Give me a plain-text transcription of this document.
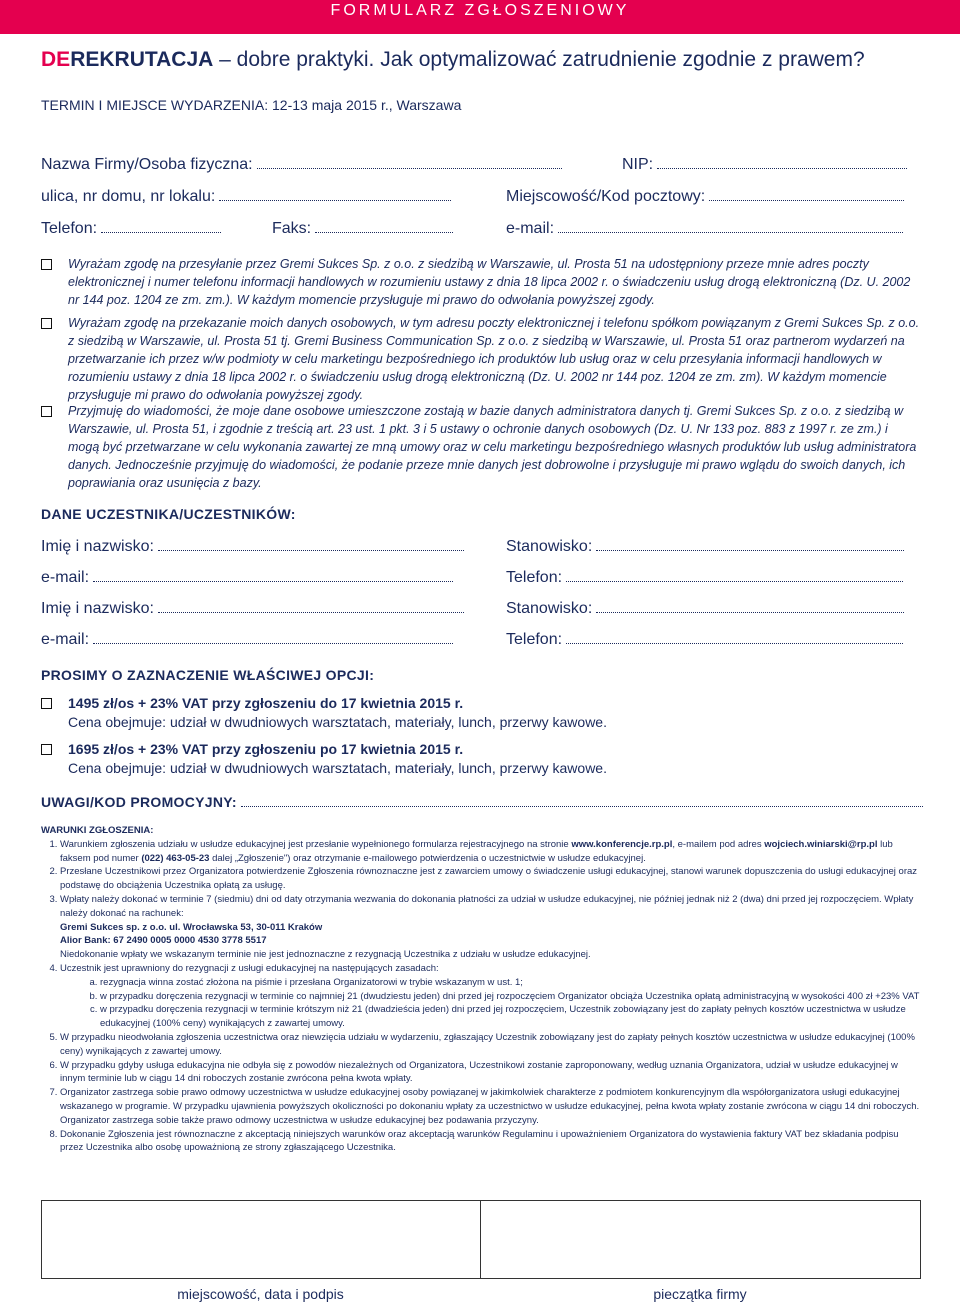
FORMULARZ ZGŁOSZENIOWY
DEREKRUTACJA – dobre praktyki. Jak optymalizować zatrudnienie zgodnie z prawem?
TERMIN I MIEJSCE WYDARZENIA: 12-13 maja 2015 r., Warszawa
Nazwa Firmy/Osoba fizyczna:	NIP:
ulica, nr domu, nr lokalu:	Miejscowość/Kod pocztowy:
Telefon:	Faks:	e-mail:
Wyrażam zgodę na przesyłanie przez Gremi Sukces Sp. z o.o. z siedzibą w Warszawie, ul. Prosta 51 na udostępniony przeze mnie adres poczty elektronicznej i numer telefonu informacji handlowych w rozumieniu ustawy z dnia 18 lipca 2002 r. o świadczeniu usług drogą elektroniczną (Dz. U. 2002 nr 144 poz. 1204 ze zm. zm.). W każdym momencie przysługuje mi prawo do odwołania powyższej zgody.
Wyrażam zgodę na przekazanie moich danych osobowych, w tym adresu poczty elektronicznej i telefonu spółkom powiązanym z Gremi Sukces Sp. z o.o. z siedzibą w Warszawie, ul. Prosta 51 tj. Gremi Business Communication Sp. z o.o. z siedzibą w Warszawie, ul. Prosta 51 oraz partnerom wydarzeń na przetwarzanie ich przez w/w podmioty w celu marketingu bezpośredniego ich produktów lub usług oraz w celu przesyłania informacji handlowych w rozumieniu ustawy z dnia 18 lipca 2002 r. o świadczeniu usług drogą elektroniczną (Dz. U. 2002 nr 144 poz. 1204 ze zm. zm). W każdym momencie przysługuje mi prawo do odwołania powyższej zgody.
Przyjmuję do wiadomości, że moje dane osobowe umieszczone zostają w bazie danych administratora danych tj. Gremi Sukces Sp. z o.o. z siedzibą w Warszawie, ul. Prosta 51, i zgodnie z treścią art. 23 ust. 1 pkt. 3 i 5 ustawy o ochronie danych osobowych (Dz. U. Nr 133 poz. 883 z 1997 r. ze zm.) i mogą być przetwarzane w celu wykonania zawartej ze mną umowy oraz w celu marketingu bezpośredniego własnych produktów lub usług administratora danych. Jednocześnie przyjmuję do wiadomości, że podanie przeze mnie danych jest dobrowolne i przysługuje mi prawo wglądu do swoich danych, ich poprawiania oraz usunięcia z bazy.
DANE UCZESTNIKA/UCZESTNIKÓW:
Imię i nazwisko:	Stanowisko:
e-mail:	Telefon:
Imię i nazwisko:	Stanowisko:
e-mail:	Telefon:
PROSIMY O ZAZNACZENIE WŁAŚCIWEJ OPCJI:
1495 zł/os + 23% VAT przy zgłoszeniu do 17 kwietnia 2015 r.
Cena obejmuje: udział w dwudniowych warsztatach, materiały, lunch, przerwy kawowe.
1695 zł/os + 23% VAT przy zgłoszeniu po 17 kwietnia 2015 r.
Cena obejmuje: udział w dwudniowych warsztatach, materiały, lunch, przerwy kawowe.
UWAGI/KOD PROMOCYJNY:
WARUNKI ZGŁOSZENIA:
1. Warunkiem zgłoszenia udziału w usłudze edukacyjnej jest przesłanie wypełnionego formularza rejestracyjnego na stronie www.konferencje.rp.pl, e-mailem pod adres wojciech.winiarski@rp.pl lub faksem pod numer (022) 463-05-23 dalej „Zgłoszenie") oraz otrzymanie e-mailowego potwierdzenia o uczestnictwie w usłudze edukacyjnej.
2. Przesłane Uczestnikowi przez Organizatora potwierdzenie Zgłoszenia równoznaczne jest z zawarciem umowy o świadczenie usługi edukacyjnej, stanowi warunek dopuszczenia do usługi edukacyjnej oraz podstawę do obciążenia Uczestnika opłatą za usługę.
3. Wpłaty należy dokonać w terminie 7 (siedmiu) dni od daty otrzymania wezwania do dokonania płatności za udział w usłudze edukacyjnej, nie później jednak niż 2 (dwa) dni przed jej rozpoczęciem. Wpłaty należy dokonać na rachunek:
Gremi Sukces sp. z o.o. ul. Wrocławska 53, 30-011 Kraków
Alior Bank: 67 2490 0005 0000 4530 3778 5517
Niedokonanie wpłaty we wskazanym terminie nie jest jednoznaczne z rezygnacją Uczestnika z udziału w usłudze edukacyjnej.
4. Uczestnik jest uprawniony do rezygnacji z usługi edukacyjnej na następujących zasadach:
a. rezygnacja winna zostać złożona na piśmie i przesłana Organizatorowi w trybie wskazanym w ust. 1;
b. w przypadku doręczenia rezygnacji w terminie co najmniej 21 (dwudziestu jeden) dni przed jej rozpoczęciem Organizator obciąża Uczestnika opłatą administracyjną w wysokości 400 zł +23% VAT
c. w przypadku doręczenia rezygnacji w terminie krótszym niż 21 (dwadzieścia jeden) dni przed jej rozpoczęciem, Uczestnik zobowiązany jest do zapłaty pełnych kosztów uczestnictwa w usłudze edukacyjnej (100% ceny) wynikających z zawartej umowy.
5. W przypadku nieodwołania zgłoszenia uczestnictwa oraz niewzięcia udziału w wydarzeniu, zgłaszający Uczestnik zobowiązany jest do zapłaty pełnych kosztów uczestnictwa w usłudze edukacyjnej (100% ceny) wynikających z zawartej umowy.
6. W przypadku gdyby usługa edukacyjna nie odbyła się z powodów niezależnych od Organizatora, Uczestnikowi zostanie zaproponowany, według uznania Organizatora, udział w usłudze edukacyjnej w innym terminie lub w ciągu 14 dni roboczych zostanie zwrócona pełna kwota wpłaty.
7. Organizator zastrzega sobie prawo odmowy uczestnictwa w usłudze edukacyjnej osoby powiązanej w jakimkolwiek charakterze z podmiotem konkurencyjnym dla współorganizatora usługi edukacyjnej wskazanego w programie. W przypadku ujawnienia powyższych okoliczności po dokonaniu wpłaty za uczestnictwo w usłudze edukacyjnej, pełna kwota wpłaty zostanie zwrócona w ciągu 14 dni roboczych. Organizator zastrzega sobie także prawo odmowy uczestnictwa w usłudze edukacyjnej bez podawania przyczyny.
8. Dokonanie Zgłoszenia jest równoznaczne z akceptacją niniejszych warunków oraz akceptacją warunków Regulaminu i upoważnieniem Organizatora do wystawienia faktury VAT bez składania podpisu przez Uczestnika albo osobę upoważnioną ze strony zgłaszającego Uczestnika.
miejscowość, data i podpis	pieczątka firmy
